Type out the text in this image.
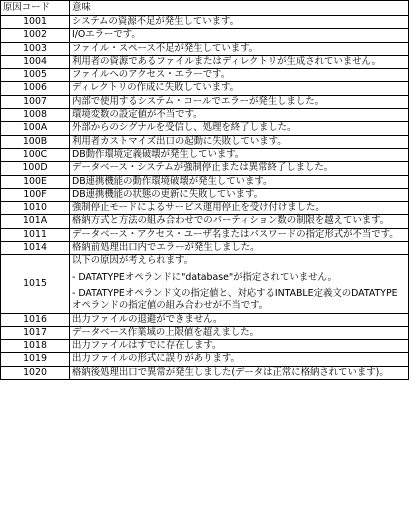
原因コード	意味
1001	システムの資源不足が発生しています。

1002	I/Oエラーです。

1003	ファイル・スペース不足が発生しています。

1004	利用者の資源であるファイルまたはディレクトリが生成されていません。

1005	ファイルへのアクセス・エラーです。

1006	ディレクトリの作成に失敗しています。

1007	内部で使用するシステム・コールでエラーが発生しました。

1008	環境変数の設定値が不当です。

100A	外部からのシグナルを受信し、処理を終了しました。

100B	利用者カストマイズ出口の起動に失敗しています。

100C	DB動作環境定義破壊が発生しています。

100D	データベース・システムが強制停止または異常終了しました。

100E	DB連携機能の動作環境破壊が発生しています。

100F	DB連携機能の状態の更新に失敗しています。

1010	強制停止モードによるサービス運用停止を受け付けました。

101A	格納方式と方法の組み合わせでのパーティション数の制限を越えています。

1011	データベース・アクセス・ユーザ名またはパスワードの指定形式が不当です。

1014	格納前処理出口内でエラーが発生しました。

1015	以下の原因が考えられます。
- DATATYPEオペランドに"database"が指定されていません。
- DATATYPEオペランド文の指定値と、対応するINTABLE定義文のDATATYPEオペランドの指定値の組み合わせが不当です。

1016	出力ファイルの退避ができません。

1017	データベース作業域の上限値を超えました。

1018	出力ファイルはすでに存在します。

1019	出力ファイルの形式に誤りがあります。

1020	格納後処理出口で異常が発生しました(データは正常に格納されています)。
